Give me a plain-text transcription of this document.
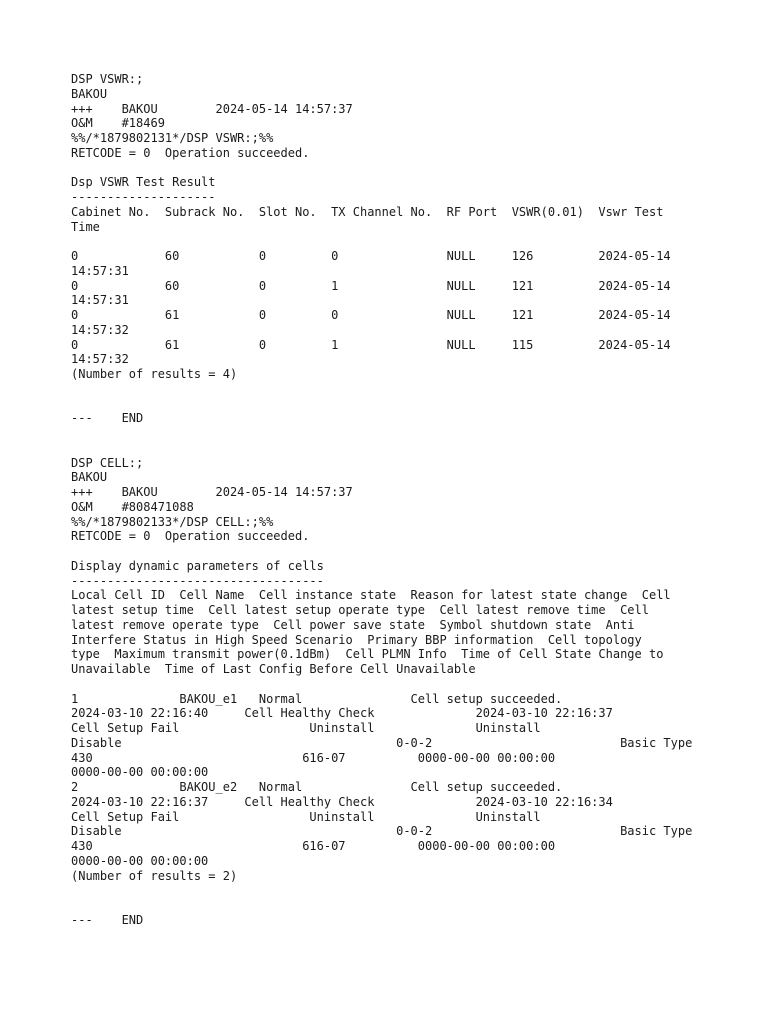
DSP VSWR:;
BAKOU
+++    BAKOU        2024-05-14 14:57:37
O&M    #18469
%%/*1879802131*/DSP VSWR:;%%
RETCODE = 0  Operation succeeded.
Dsp VSWR Test Result
--------------------
Cabinet No.  Subrack No.  Slot No.  TX Channel No.  RF Port  VSWR(0.01)  Vswr Test
Time
0            60           0         0               NULL     126         2024-05-14
14:57:31
0            60           0         1               NULL     121         2024-05-14
14:57:31
0            61           0         0               NULL     121         2024-05-14
14:57:32
0            61           0         1               NULL     115         2024-05-14
14:57:32
(Number of results = 4)
---    END
DSP CELL:;
BAKOU
+++    BAKOU        2024-05-14 14:57:37
O&M    #808471088
%%/*1879802133*/DSP CELL:;%%
RETCODE = 0  Operation succeeded.
Display dynamic parameters of cells
-----------------------------------
Local Cell ID  Cell Name  Cell instance state  Reason for latest state change  Cell
latest setup time  Cell latest setup operate type  Cell latest remove time  Cell
latest remove operate type  Cell power save state  Symbol shutdown state  Anti
Interfere Status in High Speed Scenario  Primary BBP information  Cell topology
type  Maximum transmit power(0.1dBm)  Cell PLMN Info  Time of Cell State Change to
Unavailable  Time of Last Config Before Cell Unavailable
1              BAKOU_e1   Normal               Cell setup succeeded.
2024-03-10 22:16:40     Cell Healthy Check              2024-03-10 22:16:37
Cell Setup Fail                  Uninstall              Uninstall
Disable                                      0-0-2                          Basic Type
430                             616-07          0000-00-00 00:00:00
0000-00-00 00:00:00
2              BAKOU_e2   Normal               Cell setup succeeded.
2024-03-10 22:16:37     Cell Healthy Check              2024-03-10 22:16:34
Cell Setup Fail                  Uninstall              Uninstall
Disable                                      0-0-2                          Basic Type
430                             616-07          0000-00-00 00:00:00
0000-00-00 00:00:00
(Number of results = 2)
---    END
